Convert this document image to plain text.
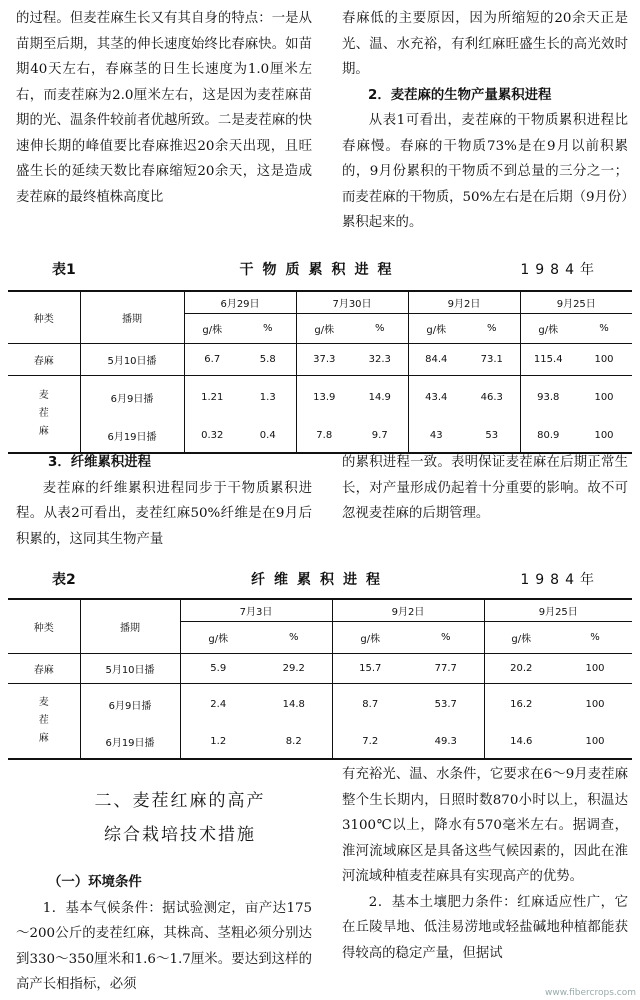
的过程。但麦茬麻生长又有其自身的特点：一是从苗期至后期，其茎的伸长速度始终比春麻快。如苗期40天左右，春麻茎的日生长速度为1.0厘米左右，而麦茬麻为2.0厘米左右，这是因为麦茬麻苗期的光、温条件较前者优越所致。二是麦茬麻的快速伸长期的峰值要比春麻推迟20余天出现，且旺盛生长的延续天数比春麻缩短20余天，这是造成麦茬麻的最终植株高度比

春麻低的主要原因，因为所缩短的20余天正是光、温、水充裕，有利红麻旺盛生长的高光效时期。

2．麦茬麻的生物产量累积进程

从表1可看出，麦茬麻的干物质累积进程比春麻慢。春麻的干物质73%是在9月以前积累的，9月份累积的干物质不到总量的三分之一；而麦茬麻的干物质，50%左右是在后期（9月份）累积起来的。

表1	干物质累积进程	1984年
种类	播期	6月29日		7月30日		9月2日		9月25日	
		g/株	%	g/株	%	g/株	%	g/株	%
春麻	5月10日播	6.7	5.8	37.3	32.3	84.4	73.1	115.4	100

麦茬麻	6月9日播	1.21	1.3	13.9	14.9	43.4	46.3	93.8	100
	6月19日播	0.32	0.4	7.8	9.7	43	53	80.9	100

3．纤维累积进程

麦茬麻的纤维累积进程同步于干物质累积进程。从表2可看出，麦茬红麻50%纤维是在9月后积累的，这同其生物产量

的累积进程一致。表明保证麦茬麻在后期正常生长，对产量形成仍起着十分重要的影响。故不可忽视麦茬麻的后期管理。

表2	纤维累积进程	1984年
种类	播期	7月3日		9月2日		9月25日	
		g/株	%	g/株	%	g/株	%
春麻	5月10日播	5.9	29.2	15.7	77.7	20.2	100

麦茬麻	6月9日播	2.4	14.8	8.7	53.7	16.2	100
	6月19日播	1.2	8.2	7.2	49.3	14.6	100
二、麦茬红麻的高产
综合栽培技术措施

（一）环境条件

1．基本气候条件：据试验测定，亩产达175～200公斤的麦茬红麻，其株高、茎粗必须分别达到330～350厘米和1.6～1.7厘米。要达到这样的高产长相指标，必须

有充裕光、温、水条件，它要求在6～9月麦茬麻整个生长期内，日照时数870小时以上，积温达3100℃以上，降水有570毫米左右。据调查，淮河流域麻区是具备这些气候因素的，因此在淮河流域种植麦茬麻具有实现高产的优势。

2．基本土壤肥力条件：红麻适应性广，它在丘陵旱地、低洼易涝地或轻盐碱地种植都能获得较高的稳定产量，但据试

www.fibercrops.com
